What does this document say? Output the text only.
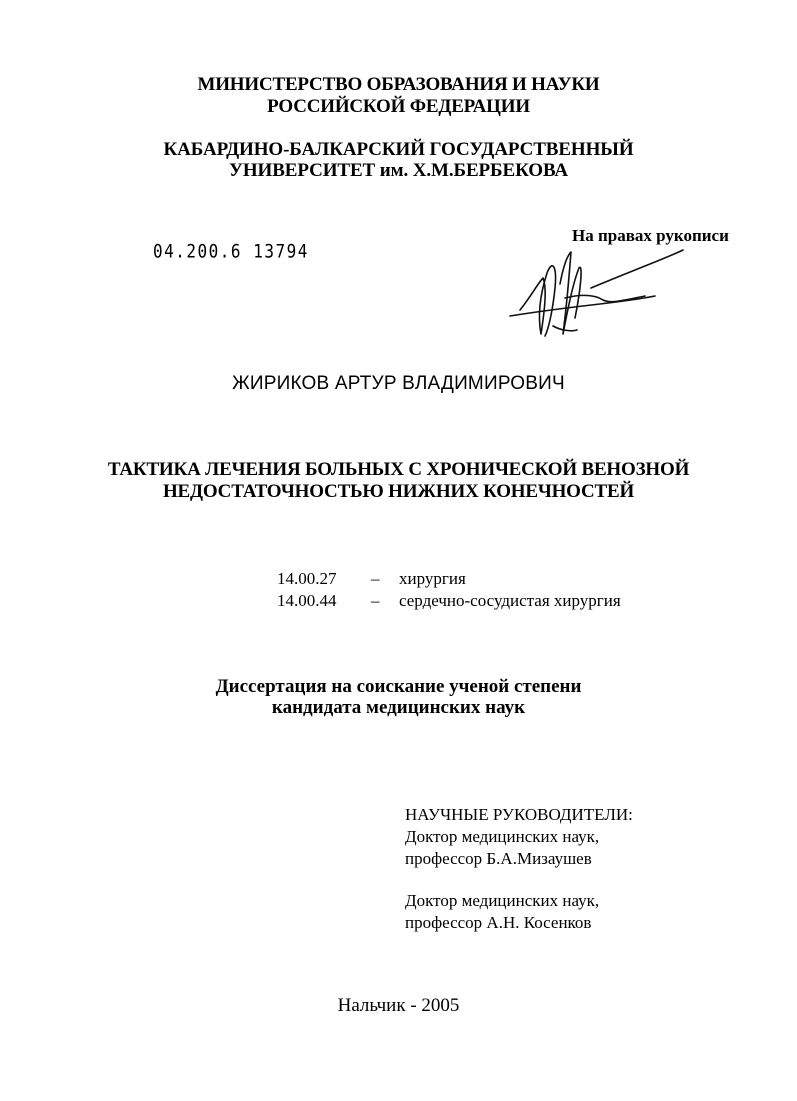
МИНИСТЕРСТВО ОБРАЗОВАНИЯ И НАУКИ
РОССИЙСКОЙ ФЕДЕРАЦИИ
КАБАРДИНО-БАЛКАРСКИЙ ГОСУДАРСТВЕННЫЙ
УНИВЕРСИТЕТ им. Х.М.БЕРБЕКОВА
04.200.6 13794
На правах рукописи
ЖИРИКОВ АРТУР ВЛАДИМИРОВИЧ
ТАКТИКА ЛЕЧЕНИЯ БОЛЬНЫХ С ХРОНИЧЕСКОЙ ВЕНОЗНОЙ
НЕДОСТАТОЧНОСТЬЮ НИЖНИХ КОНЕЧНОСТЕЙ
14.00.27 – хирургия
14.00.44 – сердечно-сосудистая хирургия
Диссертация на соискание ученой степени
кандидата медицинских наук
НАУЧНЫЕ РУКОВОДИТЕЛИ:
Доктор медицинских наук,
профессор Б.А.Мизаушев
Доктор медицинских наук,
профессор А.Н. Косенков
Нальчик - 2005
